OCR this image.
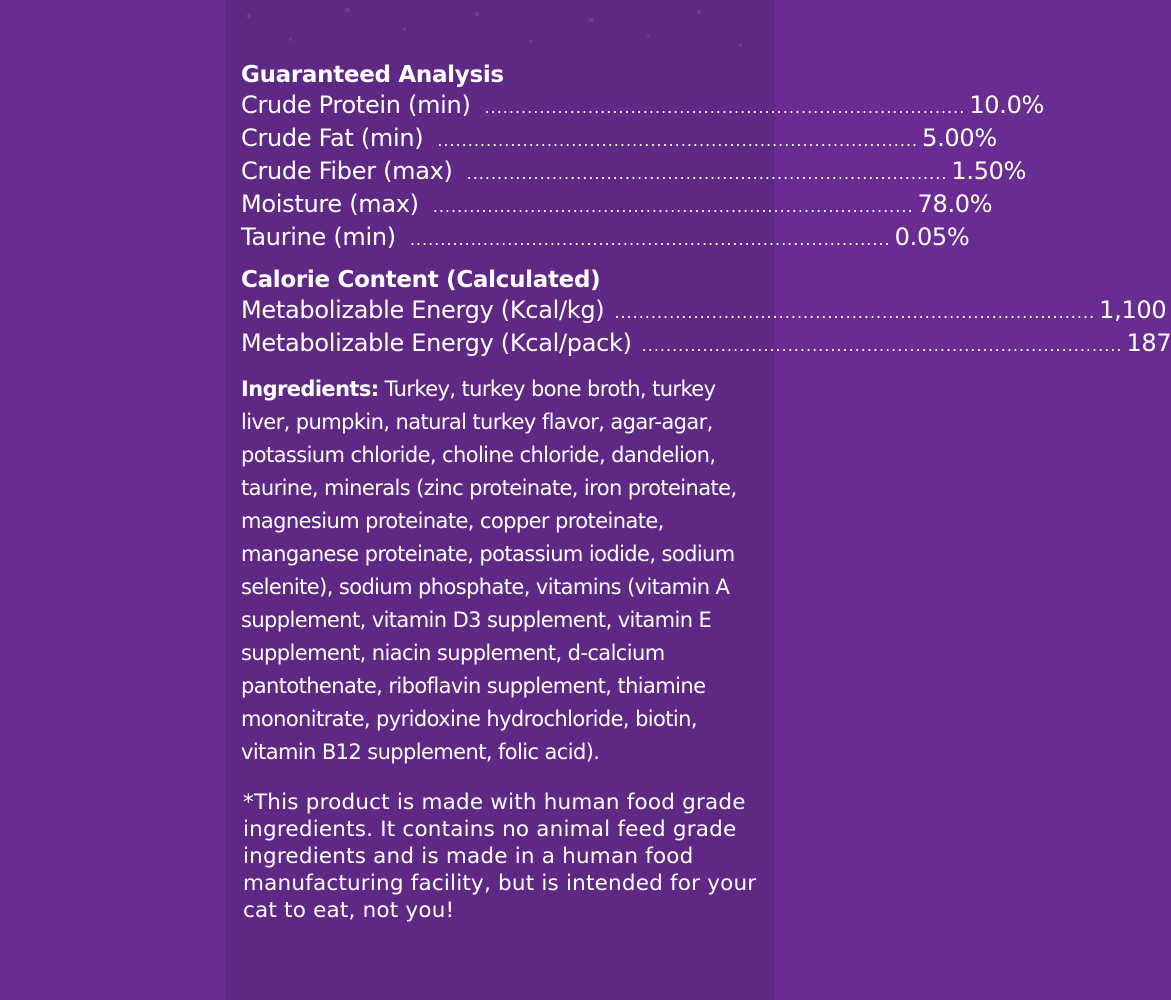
Guaranteed Analysis
Crude Protein (min) ............................................................................... 10.0%
Crude Fat (min) ............................................................................... 5.00%
Crude Fiber (max) ............................................................................... 1.50%
Moisture (max) ............................................................................... 78.0%
Taurine (min) ............................................................................... 0.05%
Calorie Content (Calculated)
Metabolizable Energy (Kcal/kg) ............................................................................... 1,100
Metabolizable Energy (Kcal/pack) ............................................................................... 187
Ingredients: Turkey, turkey bone broth, turkey liver, pumpkin, natural turkey flavor, agar-agar, potassium chloride, choline chloride, dandelion, taurine, minerals (zinc proteinate, iron proteinate, magnesium proteinate, copper proteinate, manganese proteinate, potassium iodide, sodium selenite), sodium phosphate, vitamins (vitamin A supplement, vitamin D3 supplement, vitamin E supplement, niacin supplement, d-calcium pantothenate, riboflavin supplement, thiamine mononitrate, pyridoxine hydrochloride, biotin, vitamin B12 supplement, folic acid).
*This product is made with human food grade ingredients. It contains no animal feed grade ingredients and is made in a human food manufacturing facility, but is intended for your cat to eat, not you!
